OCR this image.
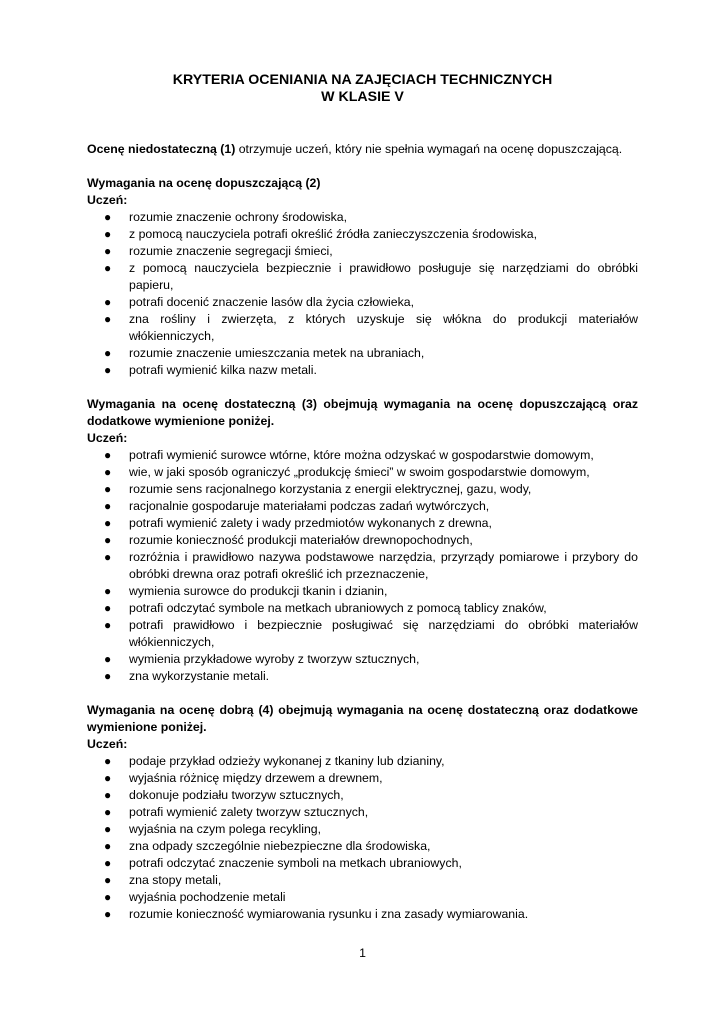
KRYTERIA OCENIANIA NA ZAJĘCIACH TECHNICZNYCH

W KLASIE V

Ocenę niedostateczną (1) otrzymuje uczeń, który nie spełnia wymagań na ocenę dopuszczającą.

Wymagania na ocenę dopuszczającą (2)

Uczeń:

● rozumie znaczenie ochrony środowiska,
● z pomocą nauczyciela potrafi określić źródła zanieczyszczenia środowiska,
● rozumie znaczenie segregacji śmieci,
● z pomocą nauczyciela bezpiecznie i prawidłowo posługuje się narzędziami do obróbki papieru,
● potrafi docenić znaczenie lasów dla życia człowieka,
● zna rośliny i zwierzęta, z których uzyskuje się włókna do produkcji materiałów włókienniczych,
● rozumie znaczenie umieszczania metek na ubraniach,
● potrafi wymienić kilka nazw metali.

Wymagania na ocenę dostateczną (3) obejmują wymagania na ocenę dopuszczającą oraz dodatkowe wymienione poniżej.

Uczeń:

● potrafi wymienić surowce wtórne, które można odzyskać w gospodarstwie domowym,
● wie, w jaki sposób ograniczyć „produkcję śmieci” w swoim gospodarstwie domowym,
● rozumie sens racjonalnego korzystania z energii elektrycznej, gazu, wody,
● racjonalnie gospodaruje materiałami podczas zadań wytwórczych,
● potrafi wymienić zalety i wady przedmiotów wykonanych z drewna,
● rozumie konieczność produkcji materiałów drewnopochodnych,
● rozróżnia i prawidłowo nazywa podstawowe narzędzia, przyrządy pomiarowe i przybory do obróbki drewna oraz potrafi określić ich przeznaczenie,
● wymienia surowce do produkcji tkanin i dzianin,
● potrafi odczytać symbole na metkach ubraniowych z pomocą tablicy znaków,
● potrafi prawidłowo i bezpiecznie posługiwać się narzędziami do obróbki materiałów włókienniczych,
● wymienia przykładowe wyroby z tworzyw sztucznych,
● zna wykorzystanie metali.

Wymagania na ocenę dobrą (4) obejmują wymagania na ocenę dostateczną oraz dodatkowe wymienione poniżej.

Uczeń:

● podaje przykład odzieży wykonanej z tkaniny lub dzianiny,
● wyjaśnia różnicę między drzewem a drewnem,
● dokonuje podziału tworzyw sztucznych,
● potrafi wymienić zalety tworzyw sztucznych,
● wyjaśnia na czym polega recykling,
● zna odpady szczególnie niebezpieczne dla środowiska,
● potrafi odczytać znaczenie symboli na metkach ubraniowych,
● zna stopy metali,
● wyjaśnia pochodzenie metali
● rozumie konieczność wymiarowania rysunku i zna zasady wymiarowania.
1
